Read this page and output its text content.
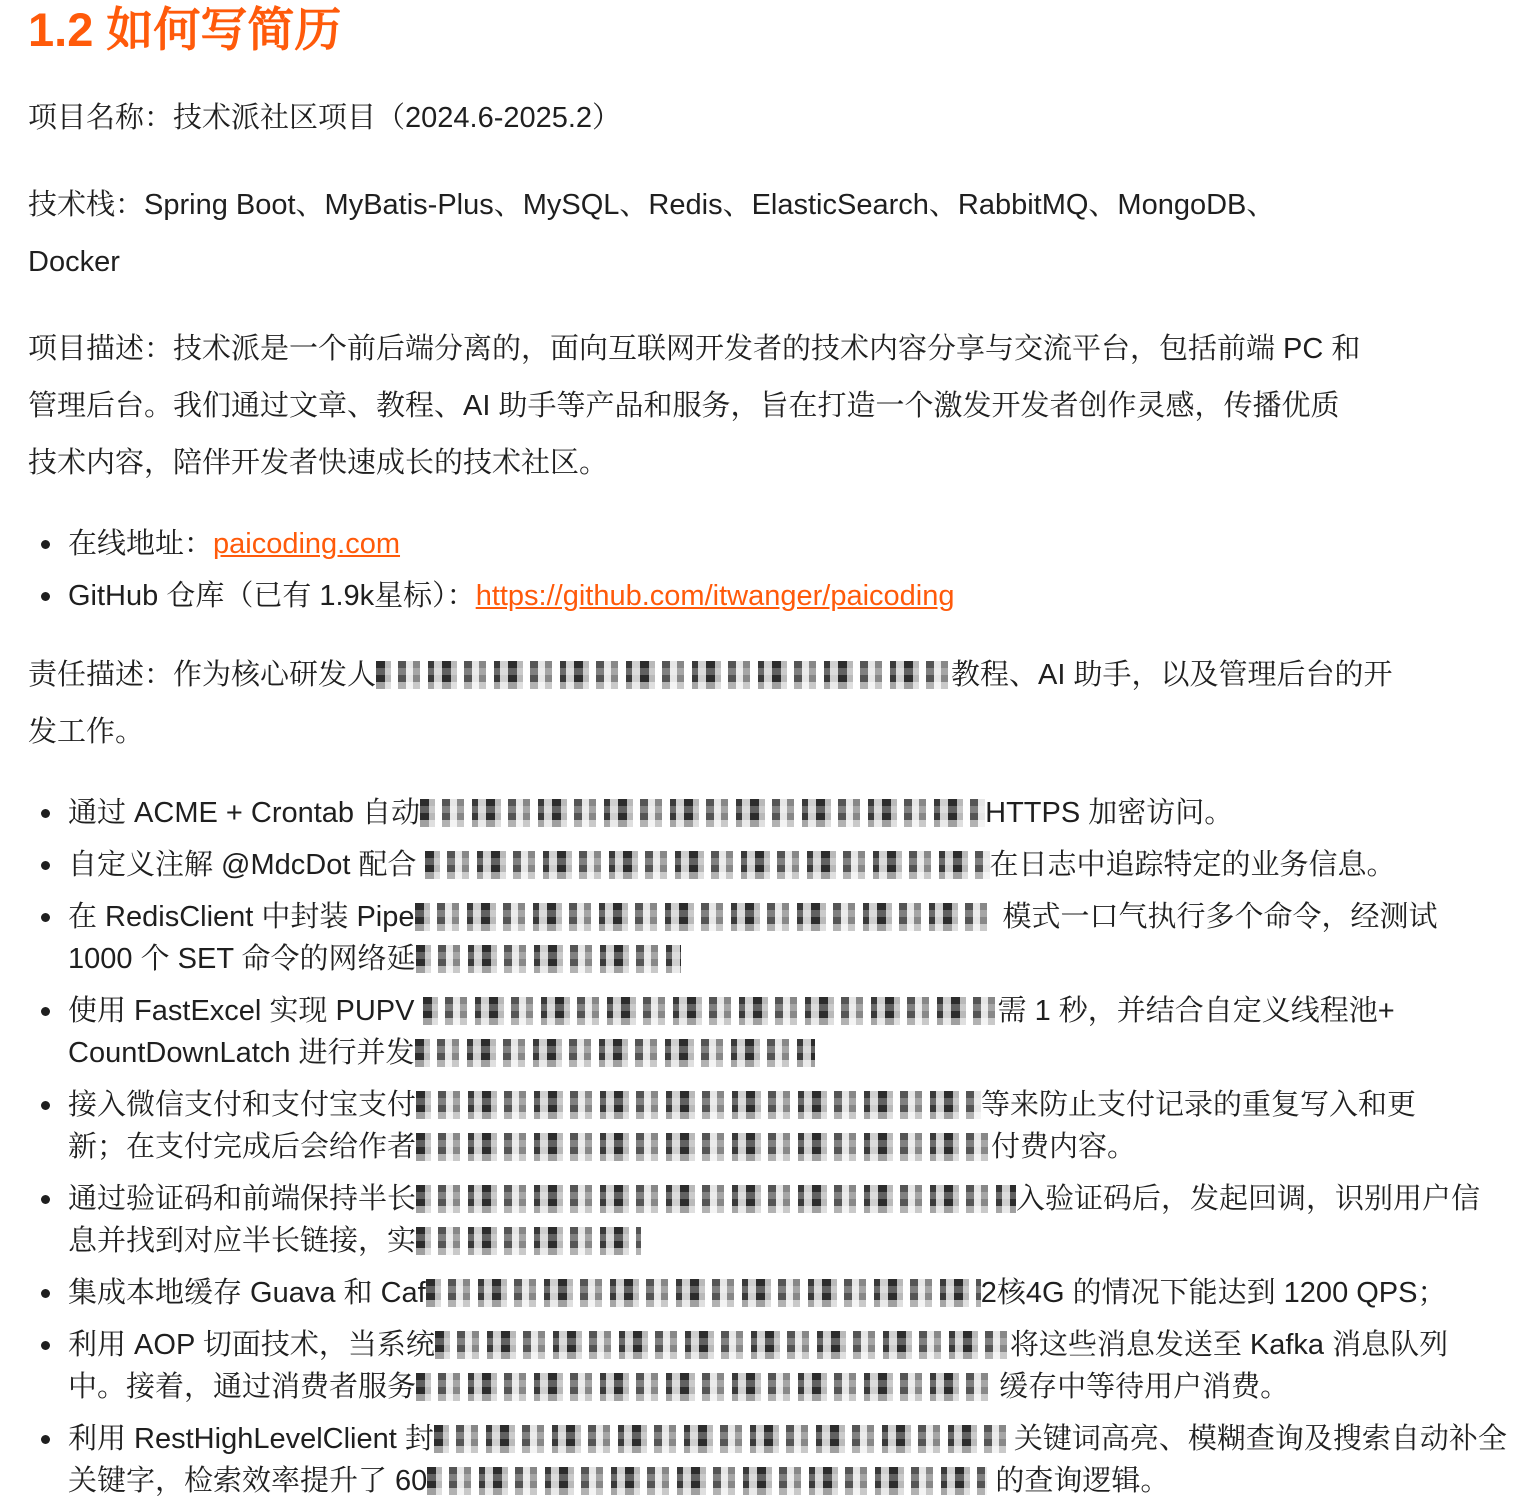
1.2 如何写简历
项目名称：技术派社区项目（2024.6-2025.2）
技术栈：Spring Boot、MyBatis-Plus、MySQL、Redis、ElasticSearch、RabbitMQ、MongoDB、
Docker
项目描述：技术派是一个前后端分离的，面向互联网开发者的技术内容分享与交流平台，包括前端 PC 和
管理后台。我们通过文章、教程、AI 助手等产品和服务，旨在打造一个激发开发者创作灵感，传播优质
技术内容，陪伴开发者快速成长的技术社区。
在线地址：paicoding.com
GitHub 仓库（已有 1.9k星标）：https://github.com/itwanger/paicoding
责任描述：作为核心研发人	教程、AI 助手，以及管理后台的开
发工作。
通过 ACME + Crontab 自动	HTTPS 加密访问。
自定义注解 @MdcDot 配合	在日志中追踪特定的业务信息。
在 RedisClient 中封装 Pipe	模式一口气执行多个命令，经测试
1000 个 SET 命令的网络延
使用 FastExcel 实现 PUPV	需 1 秒，并结合自定义线程池+
CountDownLatch 进行并发
接入微信支付和支付宝支付	等来防止支付记录的重复写入和更
新；在支付完成后会给作者	付费内容。
通过验证码和前端保持半长	入验证码后，发起回调，识别用户信
息并找到对应半长链接，实
集成本地缓存 Guava 和 Caf	2核4G 的情况下能达到 1200 QPS；
利用 AOP 切面技术，当系统	将这些消息发送至 Kafka 消息队列
中。接着，通过消费者服务	缓存中等待用户消费。
利用 RestHighLevelClient 封	关键词高亮、模糊查询及搜索自动补全
关键字，检索效率提升了 60	的查询逻辑。
